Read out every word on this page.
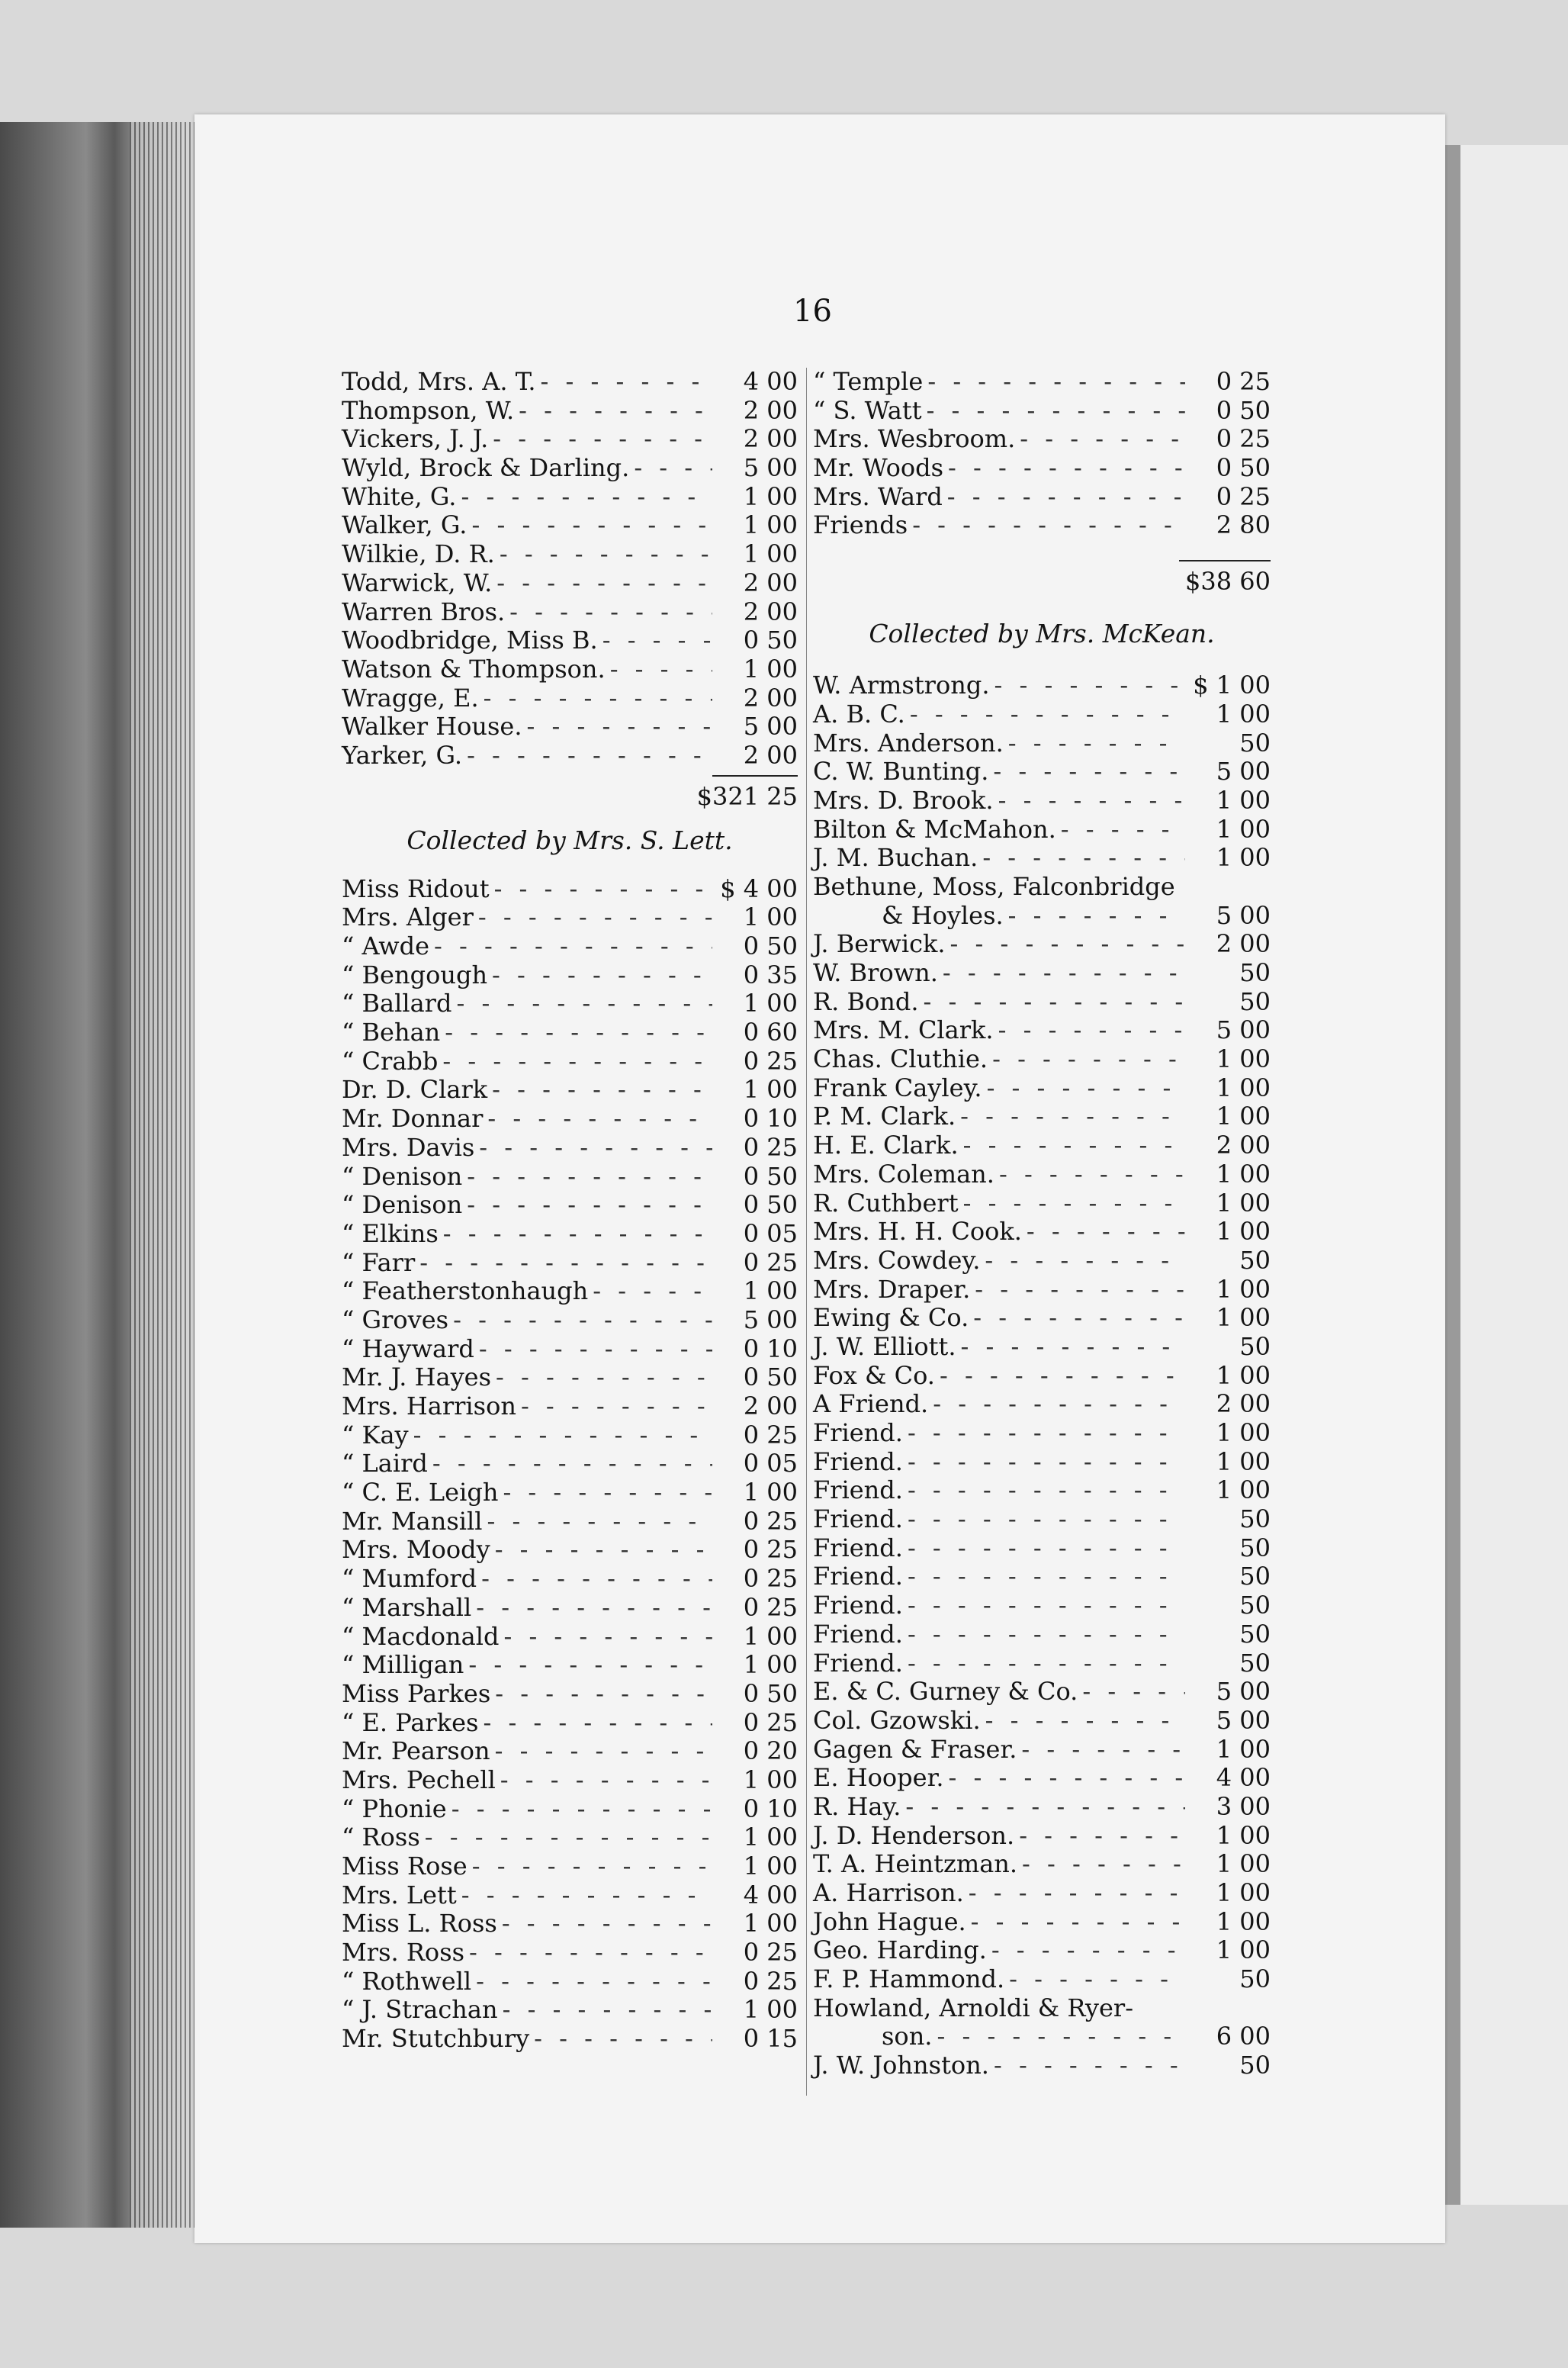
16
Todd, Mrs. A. T. - - -	4 00
Thompson, W. - - -	2 00
Vickers, J. J. - - -	2 00
Wyld, Brock & Darling. - - -	5 00
White, G. - - -	1 00
Walker, G. - - -	1 00
Wilkie, D. R. - - -	1 00
Warwick, W. - - -	2 00
Warren Bros. - - -	2 00
Woodbridge, Miss B. - - -	0 50
Watson & Thompson. - - -	1 00
Wragge, E. - - -	2 00
Walker House. - - -	5 00
Yarker, G. - - -	2 00
$321 25
Collected by Mrs. S. Lett.
Miss Ridout - - -	$ 4 00
Mrs. Alger - - -	1 00
“ Awde - - -	0 50
“ Bengough - - -	0 35
“ Ballard - - -	1 00
“ Behan - - -	0 60
“ Crabb - - -	0 25
Dr. D. Clark - - -	1 00
Mr. Donnar - - -	0 10
Mrs. Davis - - -	0 25
“ Denison - - -	0 50
“ Denison - - -	0 50
“ Elkins - - -	0 05
“ Farr - - -	0 25
“ Featherstonhaugh - - -	1 00
“ Groves - - -	5 00
“ Hayward - - -	0 10
Mr. J. Hayes - - -	0 50
Mrs. Harrison - - -	2 00
“ Kay - - -	0 25
“ Laird - - -	0 05
“ C. E. Leigh - - -	1 00
Mr. Mansill - - -	0 25
Mrs. Moody - - -	0 25
“ Mumford - - -	0 25
“ Marshall - - -	0 25
“ Macdonald - - -	1 00
“ Milligan - - -	1 00
Miss Parkes - - -	0 50
“ E. Parkes - - -	0 25
Mr. Pearson - - -	0 20
Mrs. Pechell - - -	1 00
“ Phonie - - -	0 10
“ Ross - - -	1 00
Miss Rose - - -	1 00
Mrs. Lett - - -	4 00
Miss L. Ross - - -	1 00
Mrs. Ross - - -	0 25
“ Rothwell - - -	0 25
“ J. Strachan - - -	1 00
Mr. Stutchbury - - -	0 15
“ Temple - - -	0 25
“ S. Watt - - -	0 50
Mrs. Wesbroom. - - -	0 25
Mr. Woods - - -	0 50
Mrs. Ward - - -	0 25
Friends - - -	2 80
$38 60
Collected by Mrs. McKean.
W. Armstrong. - - -	$ 1 00
A. B. C. - - -	1 00
Mrs. Anderson. - - -	50
C. W. Bunting. - - -	5 00
Mrs. D. Brook. - - -	1 00
Bilton & McMahon. - - -	1 00
J. M. Buchan. - - -	1 00
Bethune, Moss, Falconbridge
& Hoyles. - - -	5 00
J. Berwick. - - -	2 00
W. Brown. - - -	50
R. Bond. - - -	50
Mrs. M. Clark. - - -	5 00
Chas. Cluthie. - - -	1 00
Frank Cayley. - - -	1 00
P. M. Clark. - - -	1 00
H. E. Clark. - - -	2 00
Mrs. Coleman. - - -	1 00
R. Cuthbert - - -	1 00
Mrs. H. H. Cook. - - -	1 00
Mrs. Cowdey. - - -	50
Mrs. Draper. - - -	1 00
Ewing & Co. - - -	1 00
J. W. Elliott. - - -	50
Fox & Co. - - -	1 00
A Friend. - - -	2 00
Friend. - - -	1 00
Friend. - - -	1 00
Friend. - - -	1 00
Friend. - - -	50
Friend. - - -	50
Friend. - - -	50
Friend. - - -	50
Friend. - - -	50
Friend. - - -	50
E. & C. Gurney & Co. - - -	5 00
Col. Gzowski. - - -	5 00
Gagen & Fraser. - - -	1 00
E. Hooper. - - -	4 00
R. Hay. - - -	3 00
J. D. Henderson. - - -	1 00
T. A. Heintzman. - - -	1 00
A. Harrison. - - -	1 00
John Hague. - - -	1 00
Geo. Harding. - - -	1 00
F. P. Hammond. - - -	50
Howland, Arnoldi & Ryer-
son. - - -	6 00
J. W. Johnston. - - -	50
